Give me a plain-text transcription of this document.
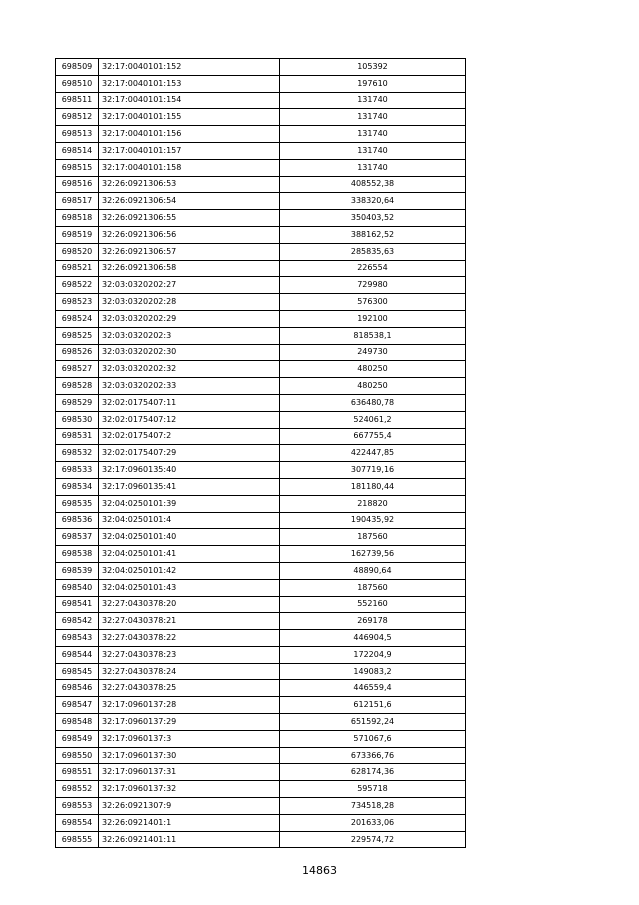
698509	32:17:0040101:152	105392
698510	32:17:0040101:153	197610
698511	32:17:0040101:154	131740
698512	32:17:0040101:155	131740
698513	32:17:0040101:156	131740
698514	32:17:0040101:157	131740
698515	32:17:0040101:158	131740
698516	32:26:0921306:53	408552,38
698517	32:26:0921306:54	338320,64
698518	32:26:0921306:55	350403,52
698519	32:26:0921306:56	388162,52
698520	32:26:0921306:57	285835,63
698521	32:26:0921306:58	226554
698522	32:03:0320202:27	729980
698523	32:03:0320202:28	576300
698524	32:03:0320202:29	192100
698525	32:03:0320202:3	818538,1
698526	32:03:0320202:30	249730
698527	32:03:0320202:32	480250
698528	32:03:0320202:33	480250
698529	32:02:0175407:11	636480,78
698530	32:02:0175407:12	524061,2
698531	32:02:0175407:2	667755,4
698532	32:02:0175407:29	422447,85
698533	32:17:0960135:40	307719,16
698534	32:17:0960135:41	181180,44
698535	32:04:0250101:39	218820
698536	32:04:0250101:4	190435,92
698537	32:04:0250101:40	187560
698538	32:04:0250101:41	162739,56
698539	32:04:0250101:42	48890,64
698540	32:04:0250101:43	187560
698541	32:27:0430378:20	552160
698542	32:27:0430378:21	269178
698543	32:27:0430378:22	446904,5
698544	32:27:0430378:23	172204,9
698545	32:27:0430378:24	149083,2
698546	32:27:0430378:25	446559,4
698547	32:17:0960137:28	612151,6
698548	32:17:0960137:29	651592,24
698549	32:17:0960137:3	571067,6
698550	32:17:0960137:30	673366,76
698551	32:17:0960137:31	628174,36
698552	32:17:0960137:32	595718
698553	32:26:0921307:9	734518,28
698554	32:26:0921401:1	201633,06
698555	32:26:0921401:11	229574,72
14863
